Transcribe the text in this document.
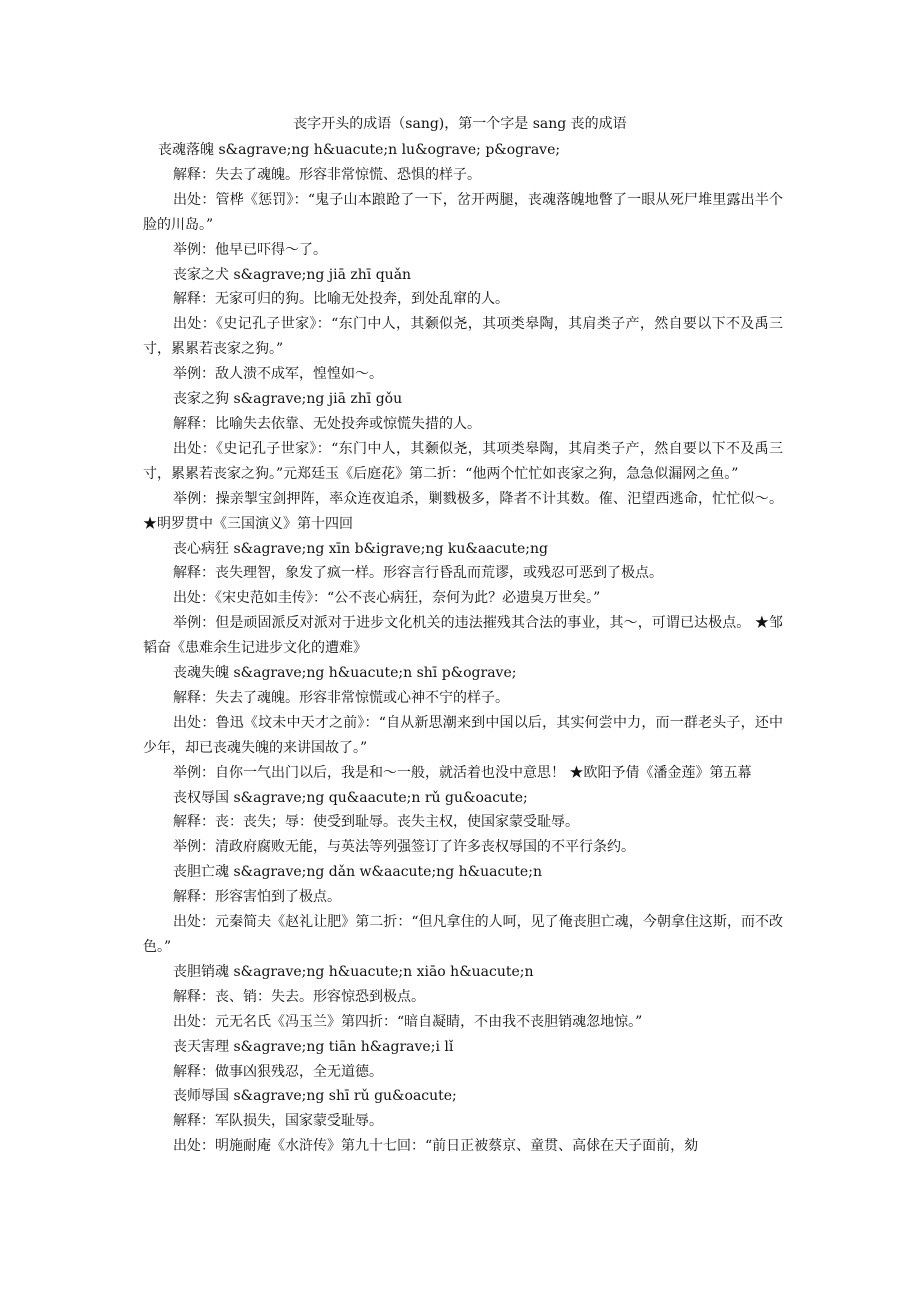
丧字开头的成语（sang)，第一个字是 sang 丧的成语

丧魂落魄 s&agrave;ng h&uacute;n lu&ograve; p&ograve;

解释：失去了魂魄。形容非常惊慌、恐惧的样子。

出处：管桦《惩罚》：“鬼子山本踉跄了一下，岔开两腿，丧魂落魄地瞥了一眼从死尸堆里露出半个脸的川岛。”

举例：他早已吓得～了。

丧家之犬 s&agrave;ng jiā zhī quǎn

解释：无家可归的狗。比喻无处投奔，到处乱窜的人。

出处：《史记孔子世家》：“东门中人，其颡似尧，其项类皋陶，其肩类子产，然自要以下不及禹三寸，累累若丧家之狗。”

举例：敌人溃不成军，惶惶如～。

丧家之狗 s&agrave;ng jiā zhī gǒu

解释：比喻失去依靠、无处投奔或惊慌失措的人。

出处：《史记孔子世家》：“东门中人，其颡似尧，其项类皋陶，其肩类子产，然自要以下不及禹三寸，累累若丧家之狗。”元郑廷玉《后庭花》第二折：“他两个忙忙如丧家之狗，急急似漏网之鱼。”

举例：操亲掣宝剑押阵，率众连夜追杀，剿戮极多，降者不计其数。傕、汜望西逃命，忙忙似～。 ★明罗贯中《三国演义》第十四回

丧心病狂 s&agrave;ng xīn b&igrave;ng ku&aacute;ng

解释：丧失理智，象发了疯一样。形容言行昏乱而荒谬，或残忍可恶到了极点。

出处：《宋史范如圭传》：“公不丧心病狂，奈何为此？必遗臭万世矣。”

举例：但是顽固派反对派对于进步文化机关的违法摧残其合法的事业，其～，可谓已达极点。 ★邹韬奋《患难余生记进步文化的遭难》

丧魂失魄 s&agrave;ng h&uacute;n shī p&ograve;

解释：失去了魂魄。形容非常惊慌或心神不宁的样子。

出处：鲁迅《坟未中天才之前》：“自从新思潮来到中国以后，其实何尝中力，而一群老头子，还中少年，却已丧魂失魄的来讲国故了。”

举例：自你一气出门以后，我是和～一般，就活着也没中意思！ ★欧阳予倩《潘金莲》第五幕

丧权辱国 s&agrave;ng qu&aacute;n rǔ gu&oacute;

解释：丧：丧失；辱：使受到耻辱。丧失主权，使国家蒙受耻辱。

举例：清政府腐败无能，与英法等列强签订了许多丧权辱国的不平行条约。

丧胆亡魂 s&agrave;ng dǎn w&aacute;ng h&uacute;n

解释：形容害怕到了极点。

出处：元秦简夫《赵礼让肥》第二折：“但凡拿住的人呵，见了俺丧胆亡魂，今朝拿住这斯，而不改色。”

丧胆销魂 s&agrave;ng h&uacute;n xiāo h&uacute;n

解释：丧、销：失去。形容惊恐到极点。

出处：元无名氏《冯玉兰》第四折：“暗自凝睛，不由我不丧胆销魂忽地惊。”

丧天害理 s&agrave;ng tiān h&agrave;i lǐ

解释：做事凶狠残忍，全无道德。

丧师辱国 s&agrave;ng shī rǔ gu&oacute;

解释：军队损失，国家蒙受耻辱。

出处：明施耐庵《水浒传》第九十七回：“前日正被蔡京、童贯、高俅在天子面前，劾
